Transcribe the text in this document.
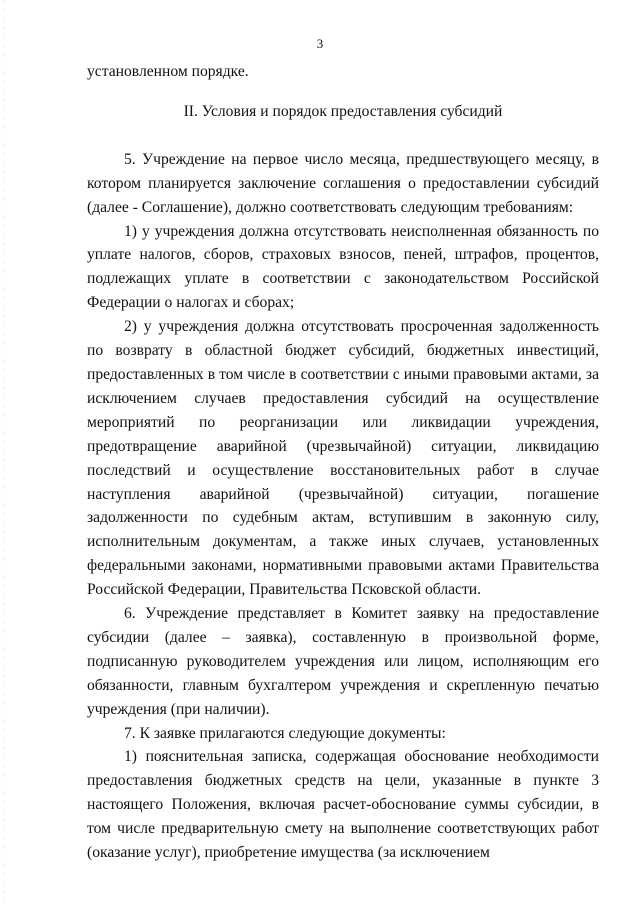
3

установленном порядке.

II. Условия и порядок предоставления субсидий

5. Учреждение на первое число месяца, предшествующего месяцу, в котором планируется заключение соглашения о предоставлении субсидий (далее - Соглашение), должно соответствовать следующим требованиям:

1) у учреждения должна отсутствовать неисполненная обязанность по уплате налогов, сборов, страховых взносов, пеней, штрафов, процентов, подлежащих уплате в соответствии с законодательством Российской Федерации о налогах и сборах;

2) у учреждения должна отсутствовать просроченная задолженность по возврату в областной бюджет субсидий, бюджетных инвестиций, предоставленных в том числе в соответствии с иными правовыми актами, за исключением случаев предоставления субсидий на осуществление мероприятий по реорганизации или ликвидации учреждения, предотвращение аварийной (чрезвычайной) ситуации, ликвидацию последствий и осуществление восстановительных работ в случае наступления аварийной (чрезвычайной) ситуации, погашение задолженности по судебным актам, вступившим в законную силу, исполнительным документам, а также иных случаев, установленных федеральными законами, нормативными правовыми актами Правительства Российской Федерации, Правительства Псковской области.

6. Учреждение представляет в Комитет заявку на предоставление субсидии (далее – заявка), составленную в произвольной форме, подписанную руководителем учреждения или лицом, исполняющим его обязанности, главным бухгалтером учреждения и скрепленную печатью учреждения (при наличии).

7. К заявке прилагаются следующие документы:

1) пояснительная записка, содержащая обоснование необходимости предоставления бюджетных средств на цели, указанные в пункте 3 настоящего Положения, включая расчет-обоснование суммы субсидии, в том числе предварительную смету на выполнение соответствующих работ (оказание услуг), приобретение имущества (за исключением
